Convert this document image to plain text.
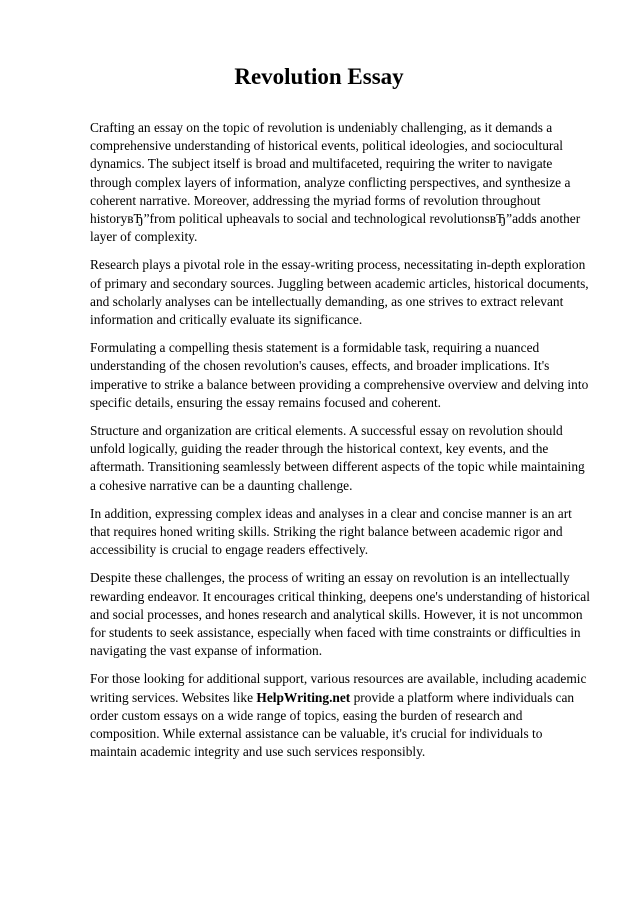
Revolution Essay

Crafting an essay on the topic of revolution is undeniably challenging, as it demands a comprehensive understanding of historical events, political ideologies, and sociocultural dynamics. The subject itself is broad and multifaceted, requiring the writer to navigate through complex layers of information, analyze conflicting perspectives, and synthesize a coherent narrative. Moreover, addressing the myriad forms of revolution throughout historyвЂ”from political upheavals to social and technological revolutionsвЂ”adds another layer of complexity.

Research plays a pivotal role in the essay-writing process, necessitating in-depth exploration of primary and secondary sources. Juggling between academic articles, historical documents, and scholarly analyses can be intellectually demanding, as one strives to extract relevant information and critically evaluate its significance.

Formulating a compelling thesis statement is a formidable task, requiring a nuanced understanding of the chosen revolution's causes, effects, and broader implications. It's imperative to strike a balance between providing a comprehensive overview and delving into specific details, ensuring the essay remains focused and coherent.

Structure and organization are critical elements. A successful essay on revolution should unfold logically, guiding the reader through the historical context, key events, and the aftermath. Transitioning seamlessly between different aspects of the topic while maintaining a cohesive narrative can be a daunting challenge.

In addition, expressing complex ideas and analyses in a clear and concise manner is an art that requires honed writing skills. Striking the right balance between academic rigor and accessibility is crucial to engage readers effectively.

Despite these challenges, the process of writing an essay on revolution is an intellectually rewarding endeavor. It encourages critical thinking, deepens one's understanding of historical and social processes, and hones research and analytical skills. However, it is not uncommon for students to seek assistance, especially when faced with time constraints or difficulties in navigating the vast expanse of information.

For those looking for additional support, various resources are available, including academic writing services. Websites like HelpWriting.net provide a platform where individuals can order custom essays on a wide range of topics, easing the burden of research and composition. While external assistance can be valuable, it's crucial for individuals to maintain academic integrity and use such services responsibly.
